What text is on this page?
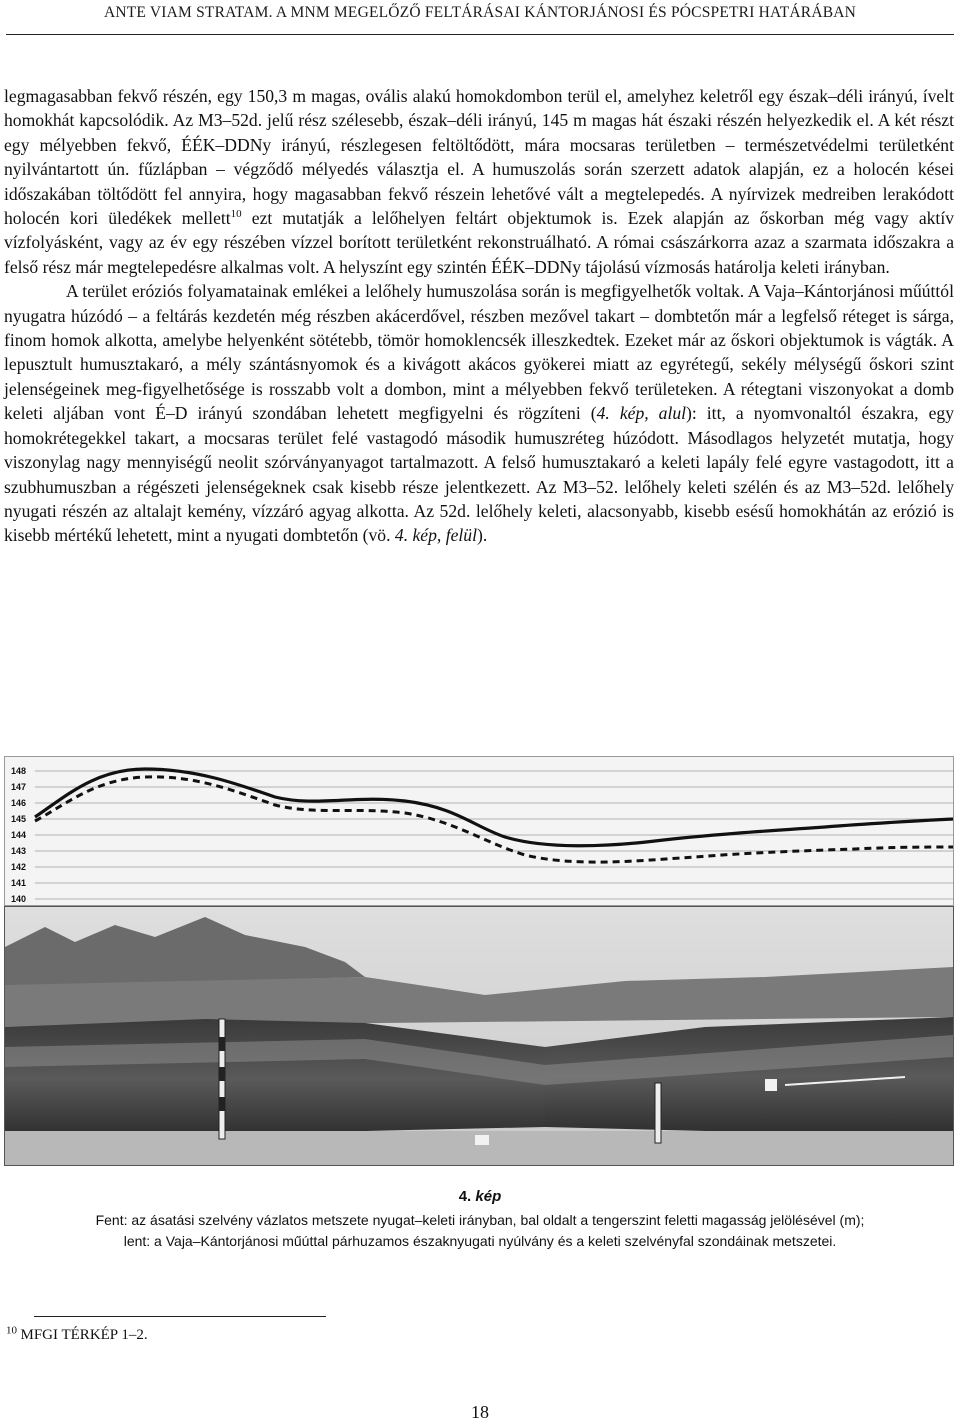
ANTE VIAM STRATAM. A MNM MEGELŐZŐ FELTÁRÁSAI KÁNTORJÁNOSI ÉS PÓCSPETRI HATÁRÁBAN

legmagasabban fekvő részén, egy 150,3 m magas, ovális alakú homokdombon terül el, amelyhez keletről egy észak–déli irányú, ívelt homokhát kapcsolódik. Az M3–52d. jelű rész szélesebb, észak–déli irányú, 145 m magas hát északi részén helyezkedik el. A két részt egy mélyebben fekvő, ÉÉK–DDNy irányú, részlegesen feltöltődött, mára mocsaras területben – természetvédelmi területként nyilvántartott ún. fűzlápban – végződő mélyedés választja el. A humuszolás során szerzett adatok alapján, ez a holocén kései időszakában töltődött fel annyira, hogy magasabban fekvő részein lehetővé vált a megtelepedés. A nyírvizek medreiben lerakódott holocén kori üledékek mellett$^{10}$ ezt mutatják a lelőhelyen feltárt objektumok is. Ezek alapján az őskorban még vagy aktív vízfolyásként, vagy az év egy részében vízzel borított területként rekonstruálható. A római császárkorra azaz a szarmata időszakra a felső rész már megtelepedésre alkalmas volt. A helyszínt egy szintén ÉÉK–DDNy tájolású vízmosás határolja keleti irányban.

A terület eróziós folyamatainak emlékei a lelőhely humuszolása során is megfigyelhetők voltak. A Vaja–Kántorjánosi műúttól nyugatra húzódó – a feltárás kezdetén még részben akácerdővel, részben mezővel takart – dombtetőn már a legfelső réteget is sárga, finom homok alkotta, amelybe helyenként sötétebb, tömör homoklencsék illeszkedtek. Ezeket már az őskori objektumok is vágták. A lepusztult humusztakaró, a mély szántásnyomok és a kivágott akácos gyökerei miatt az egyrétegű, sekély mélységű őskori szint jelenségeinek meg-figyelhetősége is rosszabb volt a dombon, mint a mélyebben fekvő területeken. A rétegtani viszonyokat a domb keleti aljában vont É–D irányú szondában lehetett megfigyelni és rögzíteni (4. kép, alul): itt, a nyomvonaltól északra, egy homokrétegekkel takart, a mocsaras terület felé vastagodó második humuszréteg húzódott. Másodlagos helyzetét mutatja, hogy viszonylag nagy mennyiségű neolit szórványanyagot tartalmazott. A felső humusztakaró a keleti lapály felé egyre vastagodott, itt a szubhumuszban a régészeti jelenségeknek csak kisebb része jelentkezett. Az M3–52. lelőhely keleti szélén és az M3–52d. lelőhely nyugati részén az altalajt kemény, vízzáró agyag alkotta. Az 52d. lelőhely keleti, alacsonyabb, kisebb esésű homokhátán az erózió is kisebb mértékű lehetett, mint a nyugati dombtetőn (vö. 4. kép, felül).

148
147
146
145
144
143
142
141
140
4. kép
Fent: az ásatási szelvény vázlatos metszete nyugat–keleti irányban, bal oldalt a tengerszint feletti magasság jelölésével (m);
lent: a Vaja–Kántorjánosi műúttal párhuzamos északnyugati nyúlvány és a keleti szelvényfal szondáinak metszetei.
$^{10}$ MFGI TÉRKÉP 1–2.
18
